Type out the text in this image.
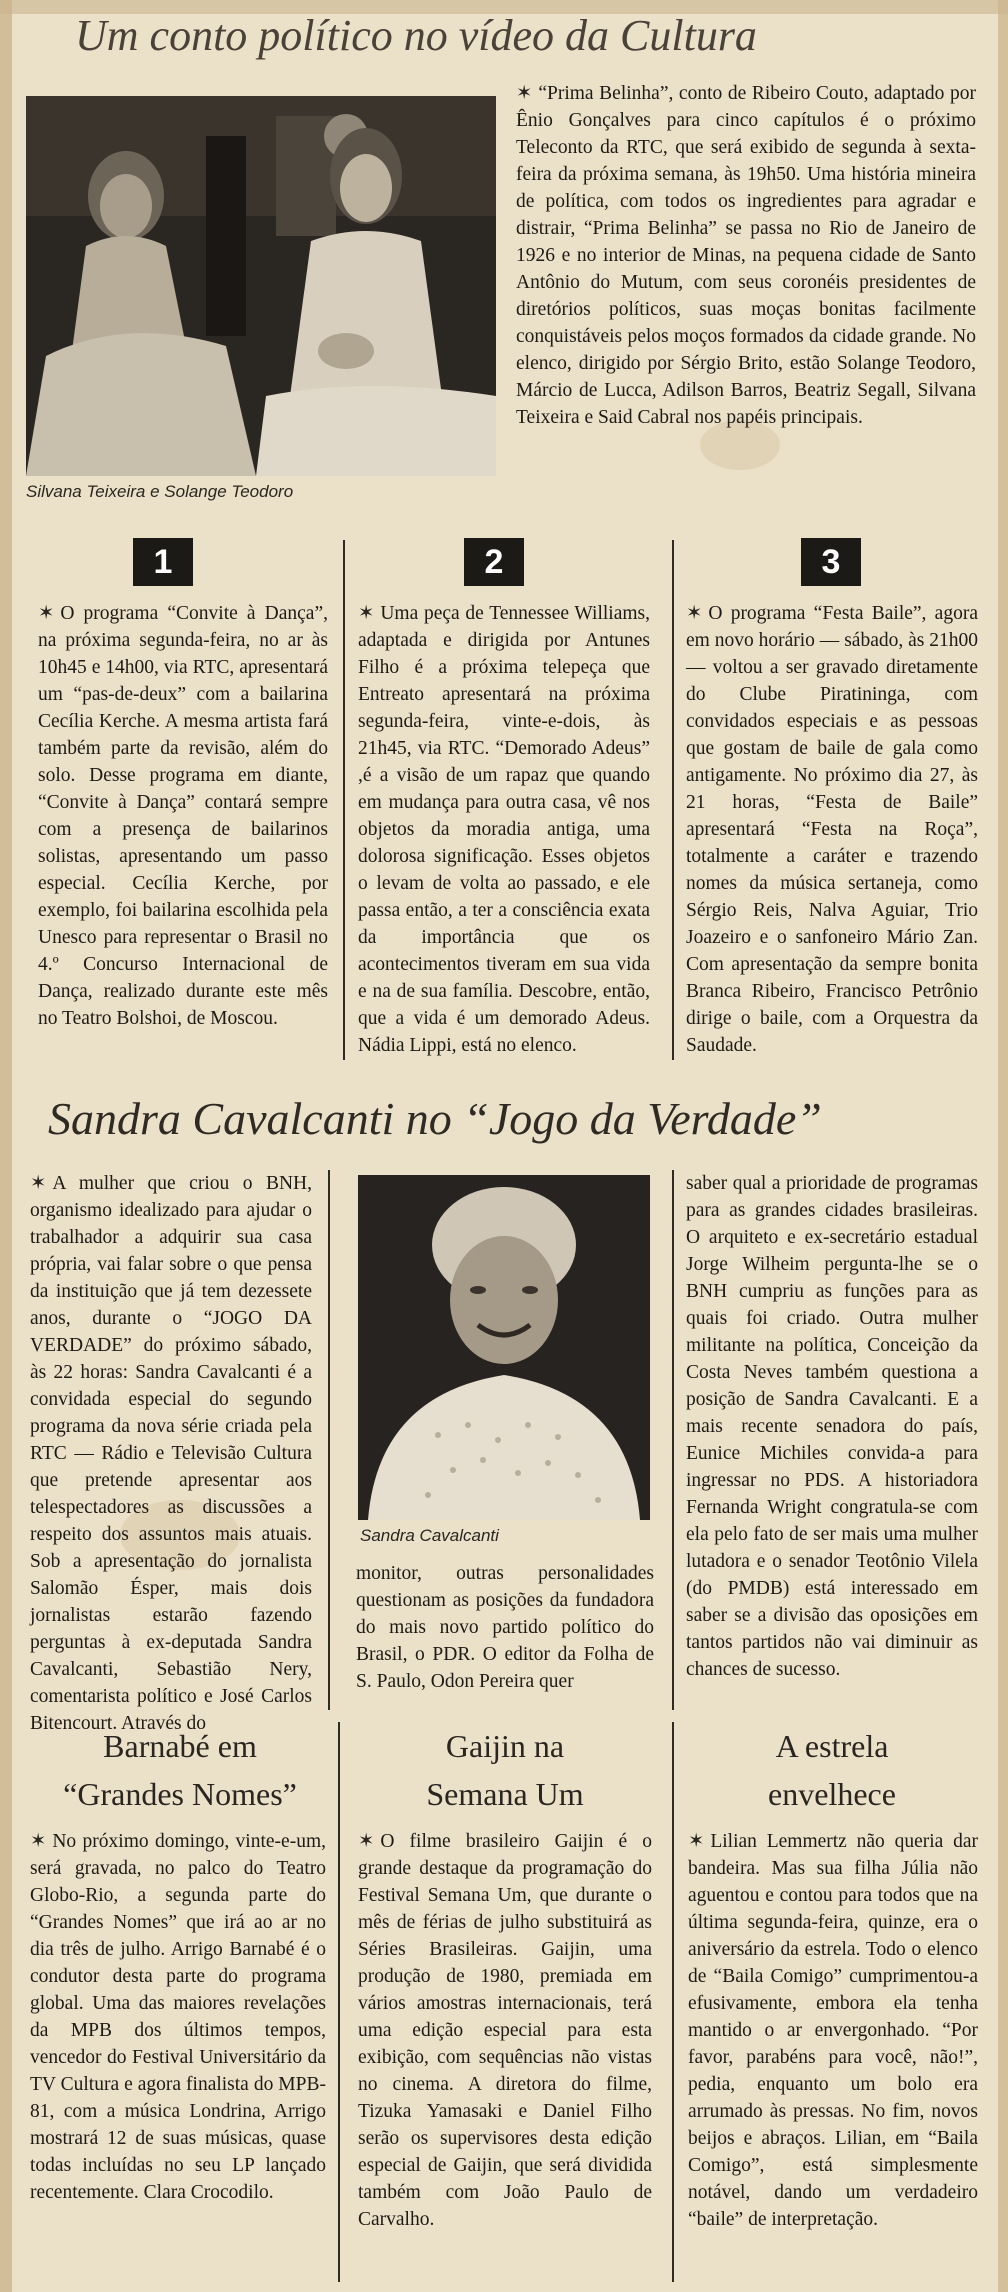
Um conto político no vídeo da Cultura
Silvana Teixeira e Solange Teodoro

✶ “Prima Belinha”, conto de Ribeiro Couto, adaptado por Ênio Gonçalves para cinco capítulos é o próximo Teleconto da RTC, que será exibido de segunda à sexta-feira da próxima semana, às 19h50. Uma história mineira de política, com todos os ingredientes para agradar e distrair, “Prima Belinha” se passa no Rio de Janeiro de 1926 e no interior de Minas, na pequena cidade de Santo Antônio do Mutum, com seus coronéis presidentes de diretórios políticos, suas moças bonitas facilmente conquistáveis pelos moços formados da cidade grande. No elenco, dirigido por Sérgio Brito, estão Solange Teodoro, Márcio de Lucca, Adilson Barros, Beatriz Segall, Silvana Teixeira e Said Cabral nos papéis principais.

1	2	3

✶ O programa “Convite à Dança”, na próxima segunda-feira, no ar às 10h45 e 14h00, via RTC, apresentará um “pas-de-deux” com a bailarina Cecília Kerche. A mesma artista fará também parte da revisão, além do solo. Desse programa em diante, “Convite à Dança” contará sempre com a presença de bailarinos solistas, apresentando um passo especial. Cecília Kerche, por exemplo, foi bailarina escolhida pela Unesco para representar o Brasil no 4.º Concurso Internacional de Dança, realizado durante este mês no Teatro Bolshoi, de Moscou.

✶ Uma peça de Tennessee Williams, adaptada e dirigida por Antunes Filho é a próxima telepeça que Entreato apresentará na próxima segunda-feira, vinte-e-dois, às 21h45, via RTC. “Demorado Adeus” ,é a visão de um rapaz que quando em mudança para outra casa, vê nos objetos da moradia antiga, uma dolorosa significação. Esses objetos o levam de volta ao passado, e ele passa então, a ter a consciência exata da importância que os acontecimentos tiveram em sua vida e na de sua família. Descobre, então, que a vida é um demorado Adeus. Nádia Lippi, está no elenco.

✶ O programa “Festa Baile”, agora em novo horário — sábado, às 21h00 — voltou a ser gravado diretamente do Clube Piratininga, com convidados especiais e as pessoas que gostam de baile de gala como antigamente. No próximo dia 27, às 21 horas, “Festa de Baile” apresentará “Festa na Roça”, totalmente a caráter e trazendo nomes da música sertaneja, como Sérgio Reis, Nalva Aguiar, Trio Joazeiro e o sanfoneiro Mário Zan. Com apresentação da sempre bonita Branca Ribeiro, Francisco Petrônio dirige o baile, com a Orquestra da Saudade.

Sandra Cavalcanti no “Jogo da Verdade”

✶ A mulher que criou o BNH, organismo idealizado para ajudar o trabalhador a adquirir sua casa própria, vai falar sobre o que pensa da instituição que já tem dezessete anos, durante o “JOGO DA VERDADE” do próximo sábado, às 22 horas: Sandra Cavalcanti é a convidada especial do segundo programa da nova série criada pela RTC — Rádio e Televisão Cultura que pretende apresentar aos telespectadores as discussões a respeito dos assuntos mais atuais. Sob a apresentação do jornalista Salomão Ésper, mais dois jornalistas estarão fazendo perguntas à ex-deputada Sandra Cavalcanti, Sebastião Nery, comentarista político e José Carlos Bitencourt. Através do

Sandra Cavalcanti

monitor, outras personalidades questionam as posições da fundadora do mais novo partido político do Brasil, o PDR. O editor da Folha de S. Paulo, Odon Pereira quer

saber qual a prioridade de programas para as grandes cidades brasileiras. O arquiteto e ex-secretário estadual Jorge Wilheim pergunta-lhe se o BNH cumpriu as funções para as quais foi criado. Outra mulher militante na política, Conceição da Costa Neves também questiona a posição de Sandra Cavalcanti. E a mais recente senadora do país, Eunice Michiles convida-a para ingressar no PDS. A historiadora Fernanda Wright congratula-se com ela pelo fato de ser mais uma mulher lutadora e o senador Teotônio Vilela (do PMDB) está interessado em saber se a divisão das oposições em tantos partidos não vai diminuir as chances de sucesso.

Barnabé em
“Grandes Nomes”

✶ No próximo domingo, vinte-e-um, será gravada, no palco do Teatro Globo-Rio, a segunda parte do “Grandes Nomes” que irá ao ar no dia três de julho. Arrigo Barnabé é o condutor desta parte do programa global. Uma das maiores revelações da MPB dos últimos tempos, vencedor do Festival Universitário da TV Cultura e agora finalista do MPB-81, com a música Londrina, Arrigo mostrará 12 de suas músicas, quase todas incluídas no seu LP lançado recentemente. Clara Crocodilo.

Gaijin na
Semana Um

✶ O filme brasileiro Gaijin é o grande destaque da programação do Festival Semana Um, que durante o mês de férias de julho substituirá as Séries Brasileiras. Gaijin, uma produção de 1980, premiada em vários amostras internacionais, terá uma edição especial para esta exibição, com sequências não vistas no cinema. A diretora do filme, Tizuka Yamasaki e Daniel Filho serão os supervisores desta edição especial de Gaijin, que será dividida também com João Paulo de Carvalho.

A estrela
envelhece

✶ Lilian Lemmertz não queria dar bandeira. Mas sua filha Júlia não aguentou e contou para todos que na última segunda-feira, quinze, era o aniversário da estrela. Todo o elenco de “Baila Comigo” cumprimentou-a efusivamente, embora ela tenha mantido o ar envergonhado. “Por favor, parabéns para você, não!”, pedia, enquanto um bolo era arrumado às pressas. No fim, novos beijos e abraços. Lilian, em “Baila Comigo”, está simplesmente notável, dando um verdadeiro “baile” de interpretação.
